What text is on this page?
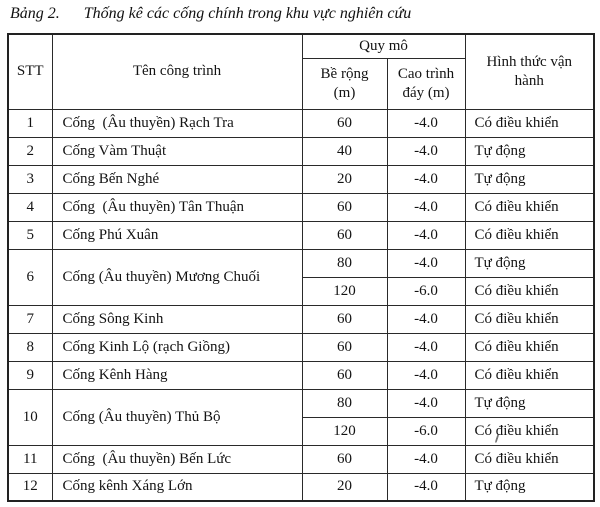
Bảng 2. Thống kê các cống chính trong khu vực nghiên cứu
STT	Tên công trình	Quy mô		Hình thức vận hành
		Bề rộng (m)	Cao trình đáy (m)	
1	Cống  (Âu thuyền) Rạch Tra	60	-4.0	Có điều khiển
2	Cống Vàm Thuật	40	-4.0	Tự động
3	Cống Bến Nghé	20	-4.0	Tự động
4	Cống  (Âu thuyền) Tân Thuận	60	-4.0	Có điều khiển
5	Cống Phú Xuân	60	-4.0	Có điều khiển
6	Cống (Âu thuyền) Mương Chuối	80	-4.0	Tự động
		120	-6.0	Có điều khiển
7	Cống Sông Kinh	60	-4.0	Có điều khiển
8	Cống Kinh Lộ (rạch Giồng)	60	-4.0	Có điều khiển
9	Cống Kênh Hàng	60	-4.0	Có điều khiển
10	Cống (Âu thuyền) Thủ Bộ	80	-4.0	Tự động
		120	-6.0	Có điều khiển
11	Cống  (Âu thuyền) Bến Lức	60	-4.0	Có điều khiển
12	Cống kênh Xáng Lớn	20	-4.0	Tự động
